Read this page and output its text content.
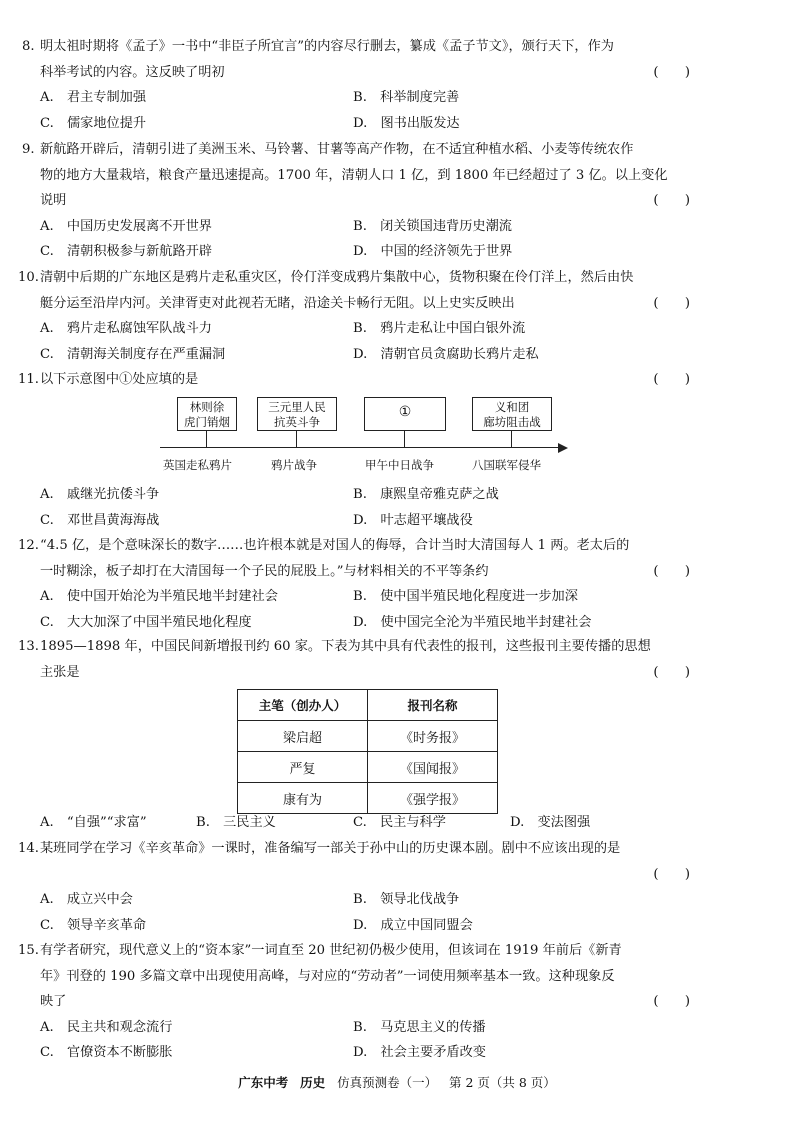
8. 明太祖时期将《孟子》一书中“非臣子所宜言”的内容尽行删去，纂成《孟子节文》，颁行天下，作为
科举考试的内容。这反映了明初	(　　)
A.　君主专制加强	B.　科举制度完善
C.　儒家地位提升	D.　图书出版发达
9. 新航路开辟后，清朝引进了美洲玉米、马铃薯、甘薯等高产作物，在不适宜种植水稻、小麦等传统农作
物的地方大量栽培，粮食产量迅速提高。1700 年，清朝人口 1 亿，到 1800 年已经超过了 3 亿。以上变化
说明	(　　)
A.　中国历史发展离不开世界	B.　闭关锁国违背历史潮流
C.　清朝积极参与新航路开辟	D.　中国的经济领先于世界
10.清朝中后期的广东地区是鸦片走私重灾区，伶仃洋变成鸦片集散中心，货物积聚在伶仃洋上，然后由快
艇分运至沿岸内河。关津胥吏对此视若无睹，沿途关卡畅行无阻。以上史实反映出	(　　)
A.　鸦片走私腐蚀军队战斗力	B.　鸦片走私让中国白银外流
C.　清朝海关制度存在严重漏洞	D.　清朝官员贪腐助长鸦片走私
11.以下示意图中①处应填的是	(　　)
林则徐
虎门销烟
三元里人民
抗英斗争
①	义和团
廊坊阻击战
英国走私鸦片	鸦片战争	甲午中日战争	八国联军侵华
A.　戚继光抗倭斗争	B.　康熙皇帝雅克萨之战
C.　邓世昌黄海海战	D.　叶志超平壤战役
12.“4.5 亿，是个意味深长的数字……也许根本就是对国人的侮辱，合计当时大清国每人 1 两。老太后的
一时糊涂，板子却打在大清国每一个子民的屁股上。”与材料相关的不平等条约	(　　)
A.　使中国开始沦为半殖民地半封建社会	B.　使中国半殖民地化程度进一步加深
C.　大大加深了中国半殖民地化程度	D.　使中国完全沦为半殖民地半封建社会
13.1895—1898 年，中国民间新增报刊约 60 家。下表为其中具有代表性的报刊，这些报刊主要传播的思想
主张是	(　　)
主笔（创办人）	报刊名称
梁启超	《时务报》
严复	《国闻报》
康有为	《强学报》
A.　“自强”“求富”	B.　三民主义	C.　民主与科学	D.　变法图强
14.某班同学在学习《辛亥革命》一课时，准备编写一部关于孙中山的历史课本剧。剧中不应该出现的是
(　　)
A.　成立兴中会	B.　领导北伐战争
C.　领导辛亥革命	D.　成立中国同盟会
15.有学者研究，现代意义上的“资本家”一词直至 20 世纪初仍极少使用，但该词在 1919 年前后《新青
年》刊登的 190 多篇文章中出现使用高峰，与对应的“劳动者”一词使用频率基本一致。这种现象反
映了	(　　)
A.　民主共和观念流行	B.　马克思主义的传播
C.　官僚资本不断膨胀	D.　社会主要矛盾改变
广东中考 历史 仿真预测卷（一） 第 2 页（共 8 页）
